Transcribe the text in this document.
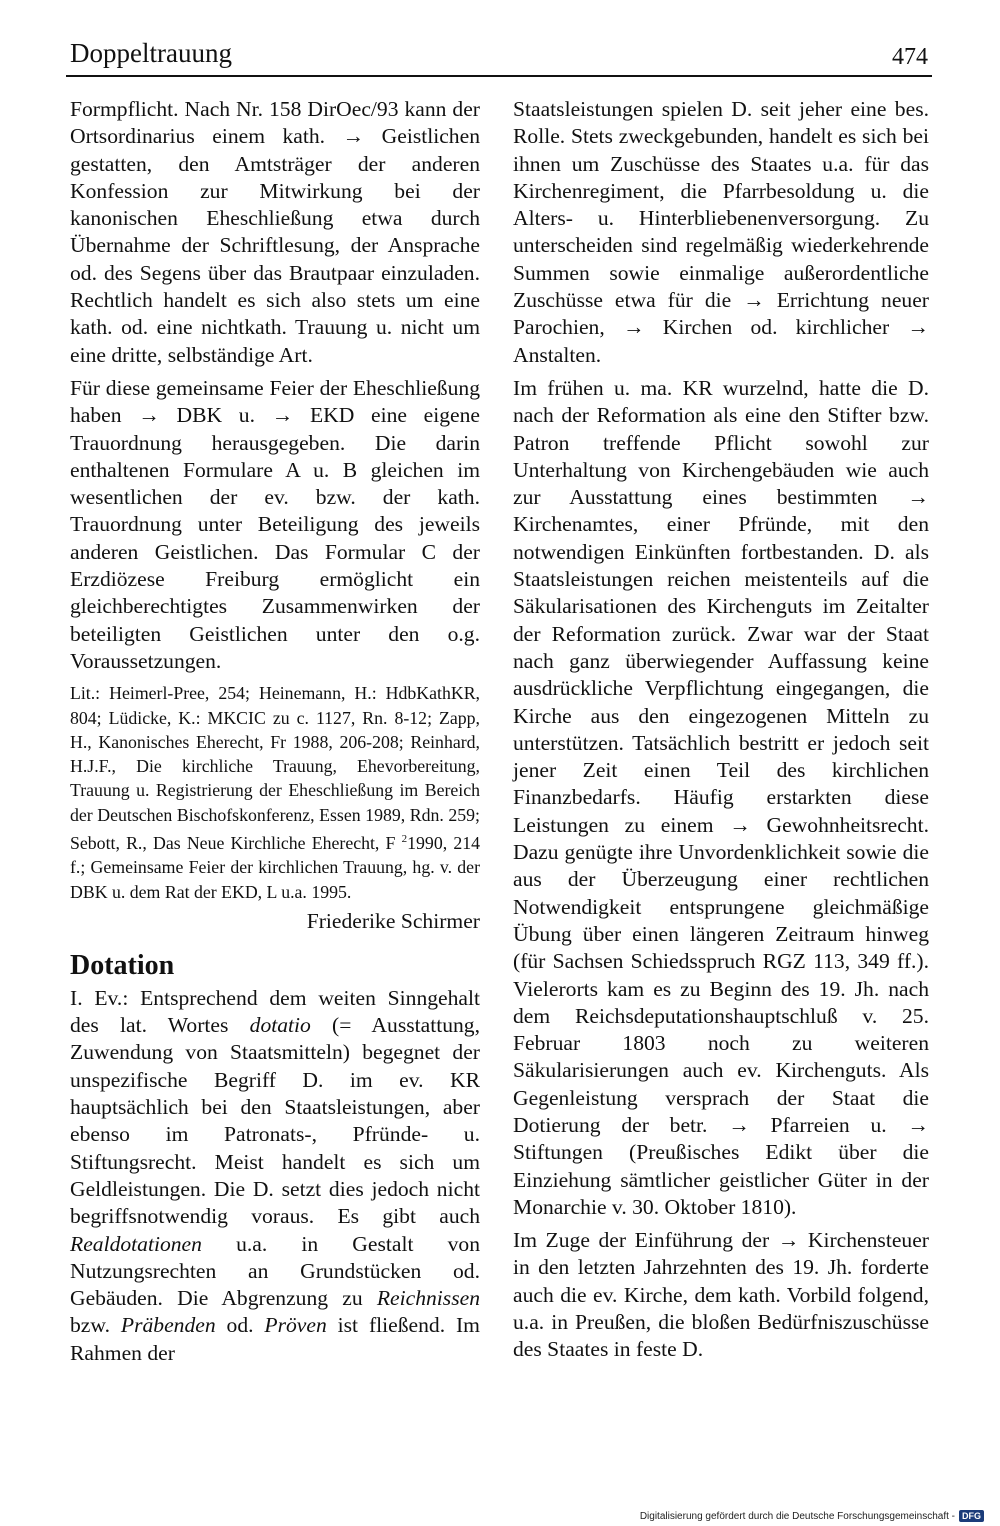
Doppeltrauung	474

Formpflicht. Nach Nr. 158 DirOec/93 kann der Ortsordinarius einem kath. → Geistlichen gestatten, den Amtsträger der anderen Konfession zur Mitwirkung bei der kanonischen Eheschließung etwa durch Übernahme der Schriftlesung, der Ansprache od. des Segens über das Brautpaar einzuladen. Rechtlich handelt es sich also stets um eine kath. od. eine nichtkath. Trauung u. nicht um eine dritte, selbständige Art.

Für diese gemeinsame Feier der Eheschließung haben → DBK u. → EKD eine eigene Trauordnung herausgegeben. Die darin enthaltenen Formulare A u. B gleichen im wesentlichen der ev. bzw. der kath. Trauordnung unter Beteiligung des jeweils anderen Geistlichen. Das Formular C der Erzdiözese Freiburg ermöglicht ein gleichberechtigtes Zusammenwirken der beteiligten Geistlichen unter den o.g. Voraussetzungen.

Lit.: Heimerl-Pree, 254; Heinemann, H.: HdbKathKR, 804; Lüdicke, K.: MKCIC zu c. 1127, Rn. 8-12; Zapp, H., Kanonisches Eherecht, Fr 1988, 206-208; Reinhard, H.J.F., Die kirchliche Trauung, Ehevorbereitung, Trauung u. Registrierung der Eheschließung im Bereich der Deutschen Bischofskonferenz, Essen 1989, Rdn. 259; Sebott, R., Das Neue Kirchliche Eherecht, F $^2$1990, 214 f.; Gemeinsame Feier der kirchlichen Trauung, hg. v. der DBK u. dem Rat der EKD, L u.a. 1995.

Friederike Schirmer
Dotation

I. Ev.: Entsprechend dem weiten Sinngehalt des lat. Wortes dotatio (= Ausstattung, Zuwendung von Staatsmitteln) begegnet der unspezifische Begriff D. im ev. KR hauptsächlich bei den Staatsleistungen, aber ebenso im Patronats-, Pfründe- u. Stiftungsrecht. Meist handelt es sich um Geldleistungen. Die D. setzt dies jedoch nicht begriffsnotwendig voraus. Es gibt auch Realdotationen u.a. in Gestalt von Nutzungsrechten an Grundstücken od. Gebäuden. Die Abgrenzung zu Reichnissen bzw. Präbenden od. Pröven ist fließend. Im Rahmen der

Staatsleistungen spielen D. seit jeher eine bes. Rolle. Stets zweckgebunden, handelt es sich bei ihnen um Zuschüsse des Staates u.a. für das Kirchenregiment, die Pfarrbesoldung u. die Alters- u. Hinterbliebenenversorgung. Zu unterscheiden sind regelmäßig wiederkehrende Summen sowie einmalige außerordentliche Zuschüsse etwa für die → Errichtung neuer Parochien, → Kirchen od. kirchlicher → Anstalten.

Im frühen u. ma. KR wurzelnd, hatte die D. nach der Reformation als eine den Stifter bzw. Patron treffende Pflicht sowohl zur Unterhaltung von Kirchengebäuden wie auch zur Ausstattung eines bestimmten → Kirchenamtes, einer Pfründe, mit den notwendigen Einkünften fortbestanden. D. als Staatsleistungen reichen meistenteils auf die Säkularisationen des Kirchenguts im Zeitalter der Reformation zurück. Zwar war der Staat nach ganz überwiegender Auffassung keine ausdrückliche Verpflichtung eingegangen, die Kirche aus den eingezogenen Mitteln zu unterstützen. Tatsächlich bestritt er jedoch seit jener Zeit einen Teil des kirchlichen Finanzbedarfs. Häufig erstarkten diese Leistungen zu einem → Gewohnheitsrecht. Dazu genügte ihre Unvordenklichkeit sowie die aus der Überzeugung einer rechtlichen Notwendigkeit entsprungene gleichmäßige Übung über einen längeren Zeitraum hinweg (für Sachsen Schiedsspruch RGZ 113, 349 ff.). Vielerorts kam es zu Beginn des 19. Jh. nach dem Reichsdeputationshauptschluß v. 25. Februar 1803 noch zu weiteren Säkularisierungen auch ev. Kirchenguts. Als Gegenleistung versprach der Staat die Dotierung der betr. → Pfarreien u. → Stiftungen (Preußisches Edikt über die Einziehung sämtlicher geistlicher Güter in der Monarchie v. 30. Oktober 1810).

Im Zuge der Einführung der → Kirchensteuer in den letzten Jahrzehnten des 19. Jh. forderte auch die ev. Kirche, dem kath. Vorbild folgend, u.a. in Preußen, die bloßen Bedürfniszuschüsse des Staates in feste D.

Digitalisierung gefördert durch die Deutsche Forschungsgemeinschaft - DFG
